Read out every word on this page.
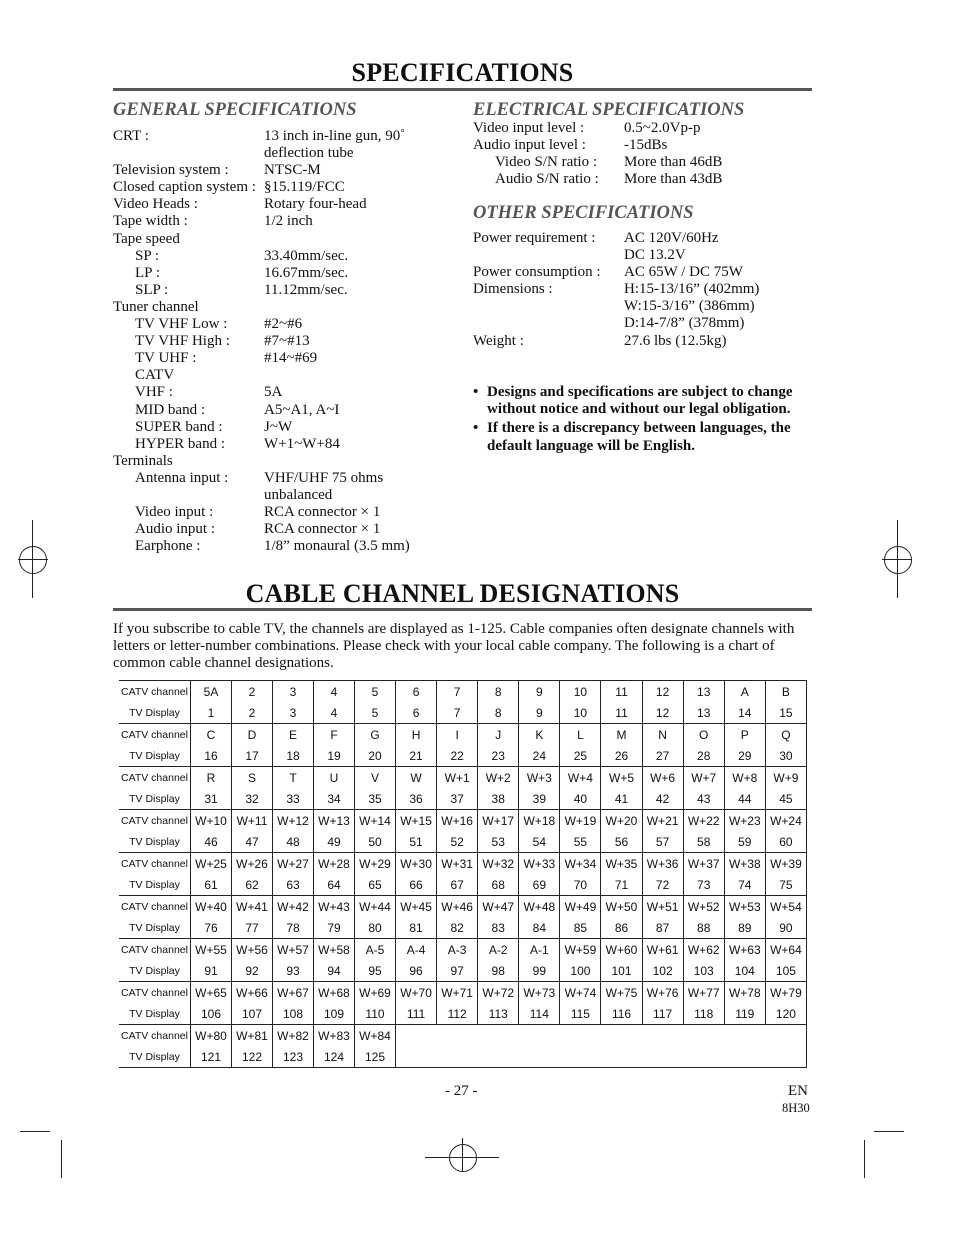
SPECIFICATIONS
GENERAL SPECIFICATIONS
CRT :	13 inch in-line gun, 90˚
deflection tube
Television system :	NTSC-M
Closed caption system : §15.119/FCC
Video Heads :	Rotary four-head
Tape width :	1/2 inch
Tape speed
SP :	33.40mm/sec.
LP :	16.67mm/sec.
SLP :	11.12mm/sec.
Tuner channel
TV VHF Low :	#2~#6
TV VHF High :	#7~#13
TV UHF :	#14~#69
CATV
VHF :	5A
MID band :	A5~A1, A~I
SUPER band :	J~W
HYPER band :	W+1~W+84
Terminals
Antenna input :	VHF/UHF 75 ohms
unbalanced
Video input :	RCA connector × 1
Audio input :	RCA connector × 1
Earphone :	1/8” monaural (3.5 mm)
ELECTRICAL SPECIFICATIONS
Video input level :	0.5~2.0Vp-p
Audio input level :	-15dBs
Video S/N ratio :	More than 46dB
Audio S/N ratio :	More than 43dB
OTHER SPECIFICATIONS
Power requirement :	AC 120V/60Hz
DC 13.2V
Power consumption :	AC 65W / DC 75W
Dimensions :	H:15-13/16” (402mm)
W:15-3/16” (386mm)
D:14-7/8” (378mm)
Weight :	27.6 lbs (12.5kg)
• Designs and specifications are subject to change without notice and without our legal obligation.
• If there is a discrepancy between languages, the default language will be English.
CABLE CHANNEL DESIGNATIONS
If you subscribe to cable TV, the channels are displayed as 1-125. Cable companies often designate channels with letters or letter-number combinations. Please check with your local cable company. The following is a chart of common cable channel designations.
CATV channel	5A	2	3	4	5	6	7	8	9	10	11	12	13	A	B
TV Display	1	2	3	4	5	6	7	8	9	10	11	12	13	14	15
CATV channel	C	D	E	F	G	H	I	J	K	L	M	N	O	P	Q
TV Display	16	17	18	19	20	21	22	23	24	25	26	27	28	29	30
CATV channel	R	S	T	U	V	W	W+1	W+2	W+3	W+4	W+5	W+6	W+7	W+8	W+9
TV Display	31	32	33	34	35	36	37	38	39	40	41	42	43	44	45
CATV channel	W+10	W+11	W+12	W+13	W+14	W+15	W+16	W+17	W+18	W+19	W+20	W+21	W+22	W+23	W+24
TV Display	46	47	48	49	50	51	52	53	54	55	56	57	58	59	60
CATV channel	W+25	W+26	W+27	W+28	W+29	W+30	W+31	W+32	W+33	W+34	W+35	W+36	W+37	W+38	W+39
TV Display	61	62	63	64	65	66	67	68	69	70	71	72	73	74	75
CATV channel	W+40	W+41	W+42	W+43	W+44	W+45	W+46	W+47	W+48	W+49	W+50	W+51	W+52	W+53	W+54
TV Display	76	77	78	79	80	81	82	83	84	85	86	87	88	89	90
CATV channel	W+55	W+56	W+57	W+58	A-5	A-4	A-3	A-2	A-1	W+59	W+60	W+61	W+62	W+63	W+64
TV Display	91	92	93	94	95	96	97	98	99	100	101	102	103	104	105
CATV channel	W+65	W+66	W+67	W+68	W+69	W+70	W+71	W+72	W+73	W+74	W+75	W+76	W+77	W+78	W+79
TV Display	106	107	108	109	110	111	112	113	114	115	116	117	118	119	120
CATV channel	W+80	W+81	W+82	W+83	W+84										
TV Display	121	122	123	124	125										
- 27 -	EN
8H30
